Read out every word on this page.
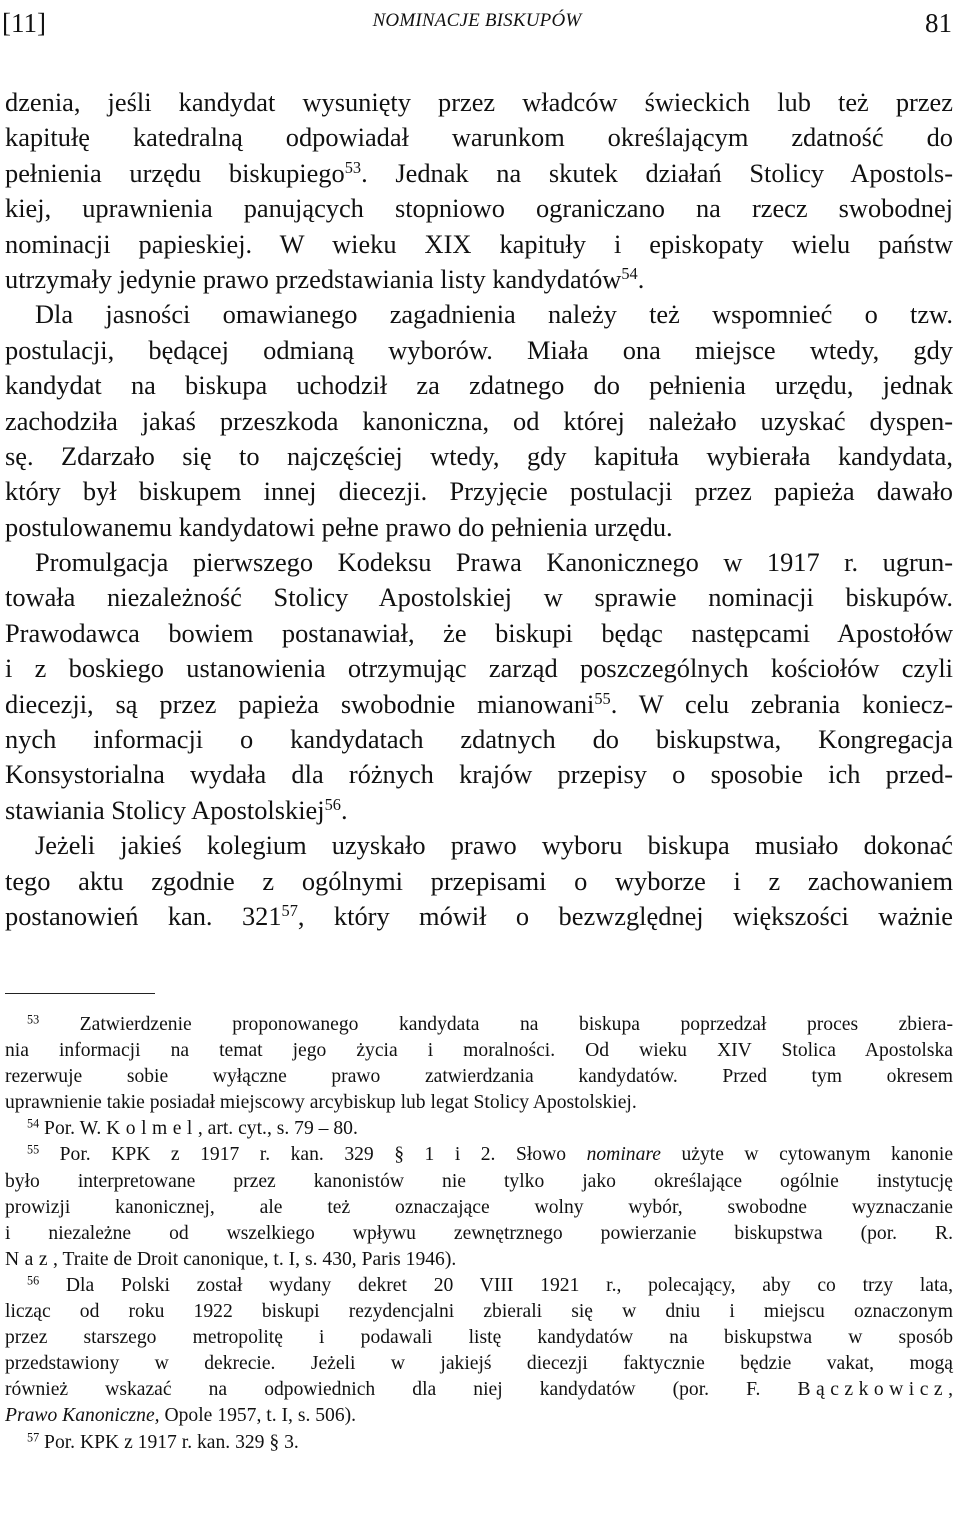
[11]	NOMINACJE BISKUPÓW	81
dzenia, jeśli kandydat wysunięty przez władców świeckich lub też przez
kapitułę katedralną odpowiadał warunkom określającym zdatność do
pełnienia urzędu biskupiego$^{53}$. Jednak na skutek działań Stolicy Apostols-
kiej, uprawnienia panujących stopniowo ograniczano na rzecz swobodnej
nominacji papieskiej. W wieku XIX kapituły i episkopaty wielu państw
utrzymały jedynie prawo przedstawiania listy kandydatów$^{54}$.
Dla jasności omawianego zagadnienia należy też wspomnieć o tzw.
postulacji, będącej odmianą wyborów. Miała ona miejsce wtedy, gdy
kandydat na biskupa uchodził za zdatnego do pełnienia urzędu, jednak
zachodziła jakaś przeszkoda kanoniczna, od której należało uzyskać dyspen-
sę. Zdarzało się to najczęściej wtedy, gdy kapituła wybierała kandydata,
który był biskupem innej diecezji. Przyjęcie postulacji przez papieża dawało
postulowanemu kandydatowi pełne prawo do pełnienia urzędu.
Promulgacja pierwszego Kodeksu Prawa Kanonicznego w 1917 r. ugrun-
towała niezależność Stolicy Apostolskiej w sprawie nominacji biskupów.
Prawodawca bowiem postanawiał, że biskupi będąc następcami Apostołów
i z boskiego ustanowienia otrzymując zarząd poszczególnych kościołów czyli
diecezji, są przez papieża swobodnie mianowani$^{55}$. W celu zebrania koniecz-
nych informacji o kandydatach zdatnych do biskupstwa, Kongregacja
Konsystorialna wydała dla różnych krajów przepisy o sposobie ich przed-
stawiania Stolicy Apostolskiej$^{56}$.
Jeżeli jakieś kolegium uzyskało prawo wyboru biskupa musiało dokonać
tego aktu zgodnie z ogólnymi przepisami o wyborze i z zachowaniem
postanowień kan. $321^{57}$, który mówił o bezwzględnej większości ważnie
$^{53}$ Zatwierdzenie proponowanego kandydata na biskupa poprzedzał proces zbiera-
nia informacji na temat jego życia i moralności. Od wieku XIV Stolica Apostolska
rezerwuje sobie wyłączne prawo zatwierdzania kandydatów. Przed tym okresem
uprawnienie takie posiadał miejscowy arcybiskup lub legat Stolicy Apostolskiej.
$^{54}$ Por. W. Kolmel, art. cyt., s. 79 – 80.
$^{55}$ Por. KPK z 1917 r. kan. 329 § 1 i 2. Słowo nominare użyte w cytowanym kanonie
było interpretowane przez kanonistów nie tylko jako określające ogólnie instytucję
prowizji kanonicznej, ale też oznaczające wolny wybór, swobodne wyznaczanie
i niezależne od wszelkiego wpływu zewnętrznego powierzanie biskupstwa (por. R.
Naz, Traite de Droit canonique, t. I, s. 430, Paris 1946).
$^{56}$ Dla Polski został wydany dekret 20 VIII 1921 r., polecający, aby co trzy lata,
licząc od roku 1922 biskupi rezydencjalni zbierali się w dniu i miejscu oznaczonym
przez starszego metropolitę i podawali listę kandydatów na biskupstwa w sposób
przedstawiony w dekrecie. Jeżeli w jakiejś diecezji faktycznie będzie vakat, mogą
również wskazać na odpowiednich dla niej kandydatów (por. F. Bączkowicz,
Prawo Kanoniczne, Opole 1957, t. I, s. 506).
$^{57}$ Por. KPK z 1917 r. kan. 329 § 3.
